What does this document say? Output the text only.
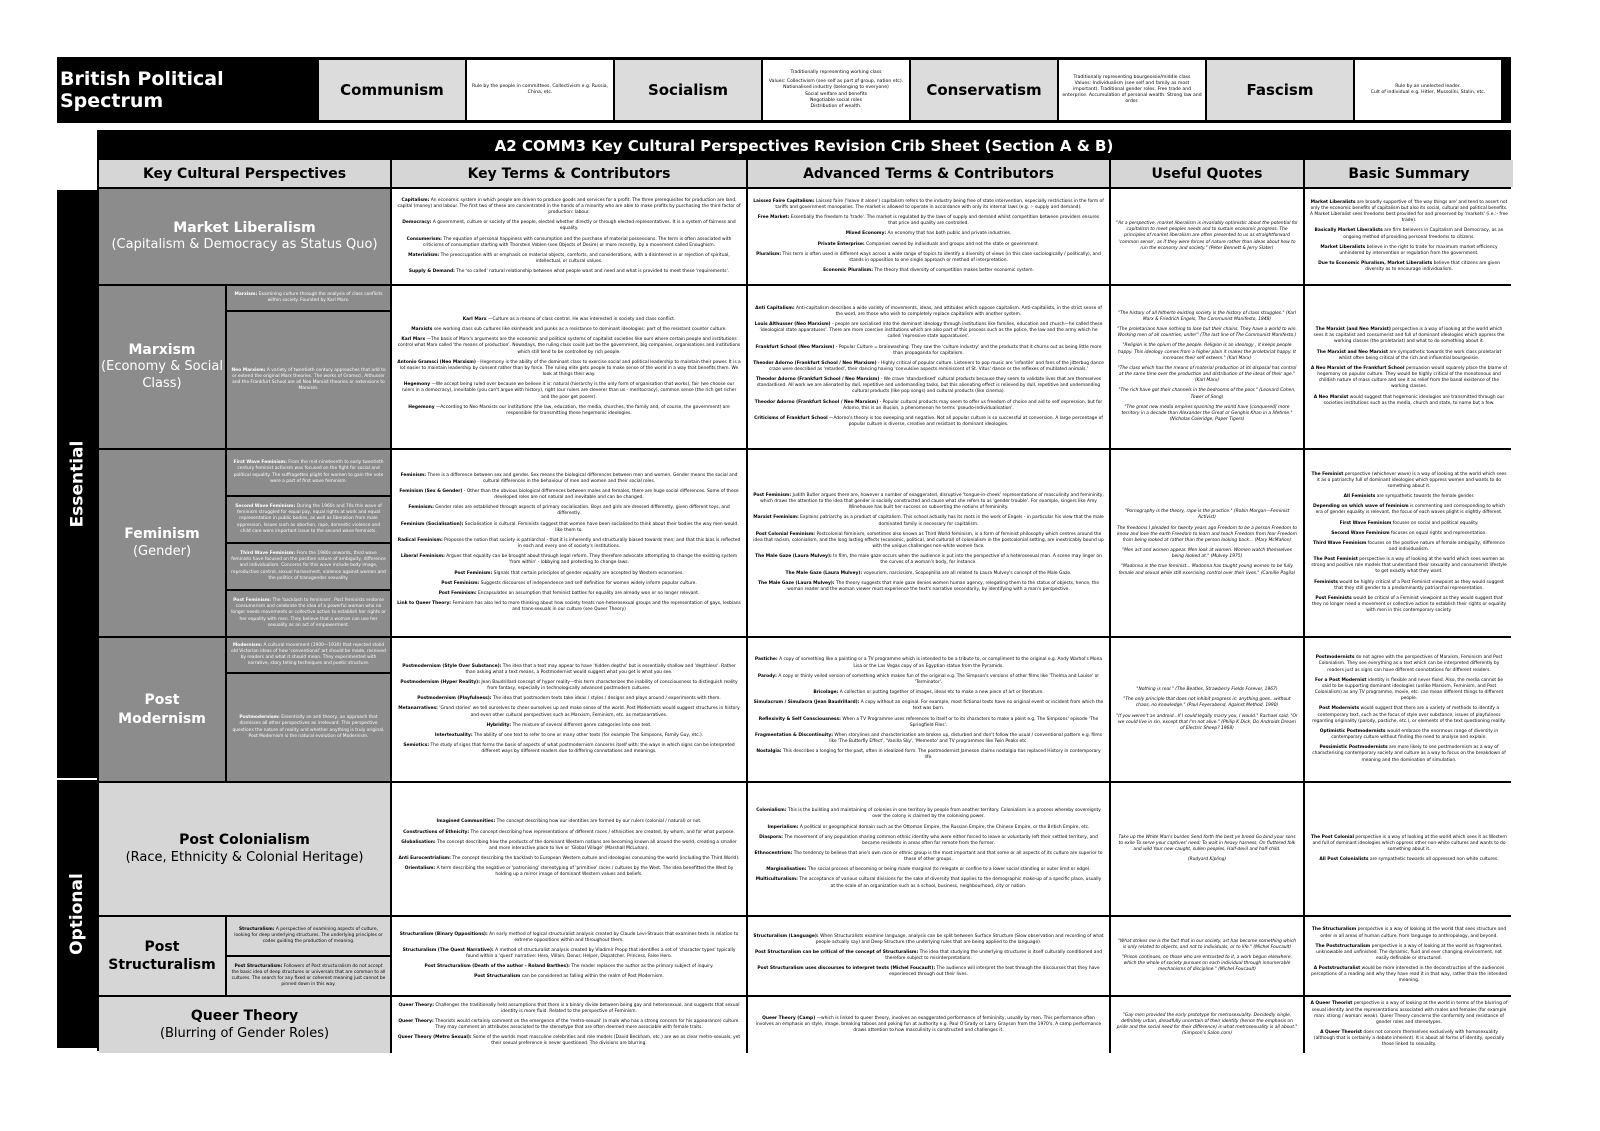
British Political Spectrum	Communism	Rule by the people in committees. Collectivism e.g. Russia, China, etc.	Socialism
Traditionally representing working class
Values: Collectivism (see self as part of group, nation etc).
Nationalised industry (belonging to everyone)
Social welfare and benefits
Negotiable social roles
Distribution of wealth.
Conservatism
Traditionally representing bourgeoisie/middle class
Values: Individualism (see self and family as most important). Traditional gender roles. Free trade and enterprise. Accumulation of personal wealth. Strong law and order.
Fascism	Rule by an unelected leader.
Cult of individual e.g. Hitler, Mussolini, Stalin, etc.
Essential
Optional
A2 COMM3 Key Cultural Perspectives Revision Crib Sheet (Section A & B)
Key Cultural Perspectives	Key Terms & Contributors	Advanced Terms & Contributors	Useful Quotes	Basic Summary
Market Liberalism
(Capitalism & Democracy as Status Quo)
Capitalism: An economic system in which people are driven to produce goods and services for a profit. The three prerequisites for production are land, capital (money) and labour. The first two of these are concentrated in the hands of a minority who are able to make profits by purchasing the third factor of production: labour.
Democracy: A government, culture or society of the people, elected whether directly or through elected representatives. It is a system of fairness and equality.
Consumerism: The equation of personal happiness with consumption and the purchase of material possessions. The term is often associated with criticisms of consumption starting with Thorstein Veblen (see Objects of Desire) or more recently, by a movement called Enoughism.
Materialism: The preoccupation with or emphasis on material objects, comforts, and considerations, with a disinterest in or rejection of spiritual, intellectual, or cultural values.
Supply & Demand: The 'so called' natural relationship between what people want and need and what is provided to meet these 'requirements'.
Laissez Faire Capitalism: Laissez faire ('leave it alone') capitalism refers to the industry being free of state intervention, especially restrictions in the form of tariffs and government monopolies. The market is allowed to operate in accordance with only its internal laws (e.g. :- supply and demand).
Free Market: Essentially the freedom to 'trade'. The market is regulated by the laws of supply and demand whilst competition between providers ensures that price and quality are controlled.
Mixed Economy: An economy that has both public and private industries.
Private Enterprise: Companies owned by individuals and groups and not the state or government.
Pluralism: This term is often used in different ways across a wide range of topics to identify a diversity of views (in this case sociologically / politically), and stands in opposition to one single approach or method of interpretation.
Economic Pluralism: The theory that diversity of competition makes better economic system.
"As a perspective, market liberalism is invariably optimistic about the potential for capitalism to meet peoples needs and to sustain economic progress. The principles of market liberalism are often presented to us as straightforward 'common sense', as if they were forces of nature rather than ideas about how to run the economy and society." (Peter Bennett & Jerry Slater)
Market Liberalists are broadly supportive of 'the way things are' and tend to assert not only the economic benefits of capitalism but also its social, cultural and political benefits. A Market Liberalist sees freedoms best provided for and preserved by 'markets' (i.e.:- free trade).
Basically Market Liberalists are firm believers in Capitalism and Democracy, as an ongoing method of providing personal freedoms to citizens.
Market Liberalists believe in the right to trade for maximum market efficiency unhindered by intervention or regulation from the government.
Due to Economic Pluralism, Market Liberalists believe that citizens are given diversity as to encourage individualism.
Marxism
(Economy & Social Class)
Marxism: Examining culture through the analysis of class conflicts within society. Founded by Karl Marx.
Neo Marxism: A variety of twentieth century approaches that add to or extend the original Marx theories. The works of Gramsci, Althusser and the Frankfurt School are all Neo Marxist theories or extensions to Marxism.
Karl Marx —Culture as a means of class control. He was interested in society and class conflict.
Marxists see working class sub cultures like skinheads and punks as a resistance to dominant ideologies: part of the resistant counter culture.
Karl Marx —The basis of Marx's arguments are the economic and political systems of capitalist societies like ours where certain people and institutions control what Marx called 'the means of production'. Nowadays, the ruling class could just be the government, big companies, organisations and institutions which still tend to be controlled by rich people.
Antonio Gramsci (Neo Marxism) - Hegemony is the ability of the dominant class to exercise social and political leadership to maintain their power. It is a lot easier to maintain leadership by consent rather than by force. The ruling elite gets people to make sense of the world in a way that benefits them. We look at things their way.
Hegemony —We accept being ruled over because we believe it is: natural (hierarchy is the only form of organisation that works), fair (we choose our rulers in a democracy), inevitable (you can't argue with history), right (our rulers are cleverer than us - meritocracy), common sense (the rich get richer and the poor get poorer).
Hegemony —According to Neo Marxists our institutions (the law, education, the media, churches, the family and, of course, the government) are responsible for transmitting these hegemonic ideologies.
Anti Capitalism: Anti-capitalism describes a wide variety of movements, ideas, and attitudes which oppose capitalism. Anti-capitalists, in the strict sense of the word, are those who wish to completely replace capitalism with another system.
Louis Althusser (Neo Marxism) - people are socialised into the dominant ideology through institutions like families, education and church—he called these 'ideological state apparatuses'. There are more coercive institutions which are also part of this process such as the police, the law and the army which he called 'repressive state apparatuses'.
Frankfurt School (Neo Marxism) - Popular Culture = brainwashing. They saw the 'culture industry' and the products that it churns out as being little more than propaganda for capitalism.
Theodor Adorno (Frankfurt School / Neo Marxism) - Highly critical of popular culture. Listeners to pop music are 'infantile' and fans of the jitterbug dance craze were described as 'retarded', their dancing having 'convulsive aspects reminiscent of St. Vitus' dance or the reflexes of mutilated animals.'
Theodor Adorno (Frankfurt School / Neo Marxism) - We crave 'standardised' cultural products because they seem to validate lives that are themselves standardised. All work we are alienated by dull, repetitive and undemanding tasks, but this alienating effect is relieved by dull, repetitive and undemanding cultural products (like pop songs) and cultural products (like cinema).
Theodor Adorno (Frankfurt School / Neo Marxism) - Popular cultural products may seem to offer us freedom of choice and aid to self expression, but for Adorno, this is an illusion, a phenomenon he terms 'pseudo-individualisation'.
Criticisms of Frankfurt School —Adorno's theory is too sweeping and negative. Not all popular culture is so successful at conversion. A large percentage of popular culture is diverse, creative and resistant to dominant ideologies.
"The history of all hitherto existing society is the history of class struggles." (Karl Marx & Friedrich Engels, The Communist Manifesto, 1848)
"The proletarians have nothing to lose but their chains. They have a world to win. Working men of all countries, unite!" (The last line of The Communist Manifesto.)
"Religion is the opium of the people. Religion is an ideology , it keeps people happy. This ideology comes from a higher plain it makes the proletariat happy. It increases their self esteem." (Karl Marx)
"The class which has the means of material production at its disposal has control at the same time over the production and distribution of the ideas of their age." (Karl Marx)
"The rich have got their channels in the bedrooms of the poor." (Leonard Cohen, Tower of Song)
"The great new media empires spanning the world have [conquered] more territory in a decade than Alexander the Great or Genghis Khan in a lifetime." (Nicholas Coleridge, Paper Tigers)
The Marxist (and Neo Marxist) perspective is a way of looking at the world which sees it as capitalist and consumerist and full of dominant ideologies which oppress the working classes (the proletariat) and what to do something about it.
The Marxist and Neo Marxist are sympathetic towards the work class proletariat whilst often being critical of the rich and influential bourgeoisie.
A Neo Marxist of the Frankfurt School persuasion would squarely place the blame of hegemony on popular culture. They would be highly critical of the monotonous and childish nature of mass culture and see it as relief from the banal existence of the working classes.
A Neo Marxist would suggest that hegemonic ideologies are transmitted through our societies institutions such as the media, church and state, to name but a few.
Feminism
(Gender)
First Wave Feminism: From the mid-nineteenth to early twentieth century feminist activism was focused on the fight for social and political equality. The suffragettes plight for women to gain the vote were a part of first wave feminism.
Second Wave Feminism: During the 1960s and 70s this wave of feminism struggled for equal pay, equal rights at work and equal representation in public bodies, as well as liberation from male oppression. Issues such as abortion, rape, domestic violence and child care were important issue to the second wave feminists.
Third Wave Feminism: From the 1980s onwards, third wave feminists have focused on the positive nature of ambiguity, difference and individualism. Concerns for this wave include body image, reproductive control, sexual harassment, violence against women and the politics of transgender sexuality.
Post Feminism: The 'backlash to feminism'. Post feminists endorse consumerism and celebrate the idea of a powerful woman who no longer needs movements or collective action to establish her rights or her equality with men. They believe that a woman can use her sexuality as an act of empowerment.
Feminism: There is a difference between sex and gender. Sex means the biological differences between men and women. Gender means the social and cultural differences in the behaviour of men and women and their social roles.
Feminism (Sex & Gender) - Other than the obvious biological differences between males and females, there are huge social differences. Some of these developed roles are not natural and inevitable and can be changed.
Feminism: Gender roles are established through aspects of primary socialisation. Boys and girls are dressed differently, given different toys, and differently.
Feminism (Socialisation): Socialisation is cultural. Feminists suggest that women have been socialised to think about their bodies the way men would like them to.
Radical Feminism: Proposes the notion that society is patriarchal - that it is inherently and structurally biased towards men; and that this bias is reflected in each and every one of society's institutions.
Liberal Feminism: Argues that equality can be brought about through legal reform. They therefore advocate attempting to change the existing system 'from within' - lobbying and protesting to change laws.
Post Feminism: Signals that certain principles of gender equality are accepted by Western economies.
Post Feminism: Suggests discourses of independence and self definition for women widely inform popular culture.
Post Feminism: Encapsulates an assumption that feminist battles for equality are already won or no longer relevant.
Link to Queer Theory: Feminism has also led to more thinking about how society treats non-heterosexual groups and the representation of gays, lesbians and trans-sexuals in our culture (see Queer Theory)
Post Feminism: Judith Butler argues there are, however a number of exaggerated, disruptive 'tongue-in-cheek' representations of masculinity and femininity, which draws the attention to the idea that gender is socially constructed and cause what she refers to as 'gender trouble'. For example, singers like Amy Winehouse has built her success on subverting the notions of femininity.
Marxist Feminism: Explains patriarchy as a product of capitalism. This school actually has its roots in the work of Engels - in particular his view that the male dominated family is necessary for capitalism.
Post Colonial Feminism: Postcolonial feminism, sometimes also known as Third World feminism, is a form of feminist philosophy which centres around the idea that racism, colonialism, and the long lasting effects (economic, political, and cultural) of colonialism in the postcolonial setting, are inextricably bound up with the unique challenges non-white women face.
The Male Gaze (Laura Mulvey): In film, the male gaze occurs when the audience is put into the perspective of a heterosexual man. A scene may linger on the curves of a woman's body, for instance.
The Male Gaze (Laura Mulvey): voyeurism, narcissism, Scopophilia are all related to Laura Mulvey's concept of the Male Gaze.
The Male Gaze (Laura Mulvey): The theory suggests that male gaze denies women human agency, relegating them to the status of objects, hence, the woman reader and the woman viewer must experience the text's narrative secondarily, by identifying with a man's perspective.
"Pornography is the theory, rape is the practice." (Robin Morgan—Feminist Activist)
The freedoms I pleaded for twenty years ago Freedom to be a person Freedom to know and love the earth Freedom to learn and teach Freedom from fear Freedom from being looked at rather than the person looking back... (Mary McMahon)
"Men act and women appear. Men look at women. Women watch themselves being looked at." (Mulvey 1975)
"Madonna is the true feminist... Madonna has taught young women to be fully female and sexual while still exercising control over their lives." (Camille Paglia)
The Feminist perspective (whichever wave) is a way of looking at the world which sees it as a patriarchy full of dominant ideologies which oppress women and wants to do something about it.
All Feminists are sympathetic towards the female gender.
Depending on which wave of feminism is commenting and corresponding to which era of gender equality is relevant, the focus of each waves plight is slightly different.
First Wave Feminism focuses on social and political equality.
Second Wave Feminism focuses on equal rights and representation.
Third Wave Feminism focuses on the positive nature of female ambiguity, difference and individualism.
The Post Feminist perspective is a way of looking at the world which sees women as strong and positive role models that understand their sexuality and consumerist lifestyle to get exactly what they want.
Feminists would be highly critical of a Post Feminist viewpoint as they would suggest that they still gender to a predominantly patriarchal representation.
Post Feminists would be critical of a Feminist viewpoint as they would suggest that they no longer need a movement or collective action to establish their rights or equality with men in this contemporary society.
Post
Modernism
Modernism: A cultural movement (1900—1930) that rejected stolid old Victorian ideas of how 'conventional' art should be made, received by readers and what it should mean. They experimented with narrative, story telling techniques and poetic structure.
Postmodernism: Essentially an anti theory, an approach that dismisses all other perspectives as irrelevant. This perspective questions the nature of reality and whether anything is truly original. Post Modernism is the natural evolution of Modernism.
Postmodernism (Style Over Substance): The idea that a text may appear to have 'hidden depths' but is essentially shallow and 'depthless'. Rather than asking what a text means, a Postmodernist would suggest what you get is what you see.
Postmodernism (Hyper Reality): Jean Baudrillard concept of hyper reality—this term characterizes the inability of consciousness to distinguish reality from fantasy, especially in technologically advanced postmodern cultures.
Postmodernism (Playfulness): The idea that postmodern texts take ideas / styles / designs and plays around / experiments with them.
Metanarratives: 'Grand stories' we tell ourselves to cheer ourselves up and make sense of the world. Post Modernists would suggest structures in history and even other cultural perspectives such as Marxism, Feminism, etc. as metanarratives.
Hybridity: The mixture of several different genre categories into one text.
Intertextuality: The ability of one text to refer to one or many other texts (for example The Simpsons, Family Guy, etc.).
Semiotics: The study of signs that forms the basis of aspects of what postmodernism concerns itself with: the ways in which signs can be interpreted different ways by different readers due to differing connotations and meanings.
Pastiche: A copy of something like a painting or a TV programme which is intended to be a tribute to, or compliment to the original e.g. Andy Warhol's Mona Lisa or the Las Vegas copy of an Egyptian statue from the Pyramids.
Parody: A copy or thinly veiled version of something which makes fun of the original e.g. The Simpson's versions of other films like 'Thelma and Louise' or 'Terminator'.
Bricolage: A collection or putting together of images, ideas etc to make a new piece of art or literature.
Simulacrum / Simulacra (Jean Baudrillard): A copy without an original. For example, most fictional texts have no original event or incident from which the text was born.
Reflexivity & Self Consciousness: When a TV Programme uses references to itself or to its characters to make a point e.g. The Simpsons' episode 'The Springfield Files'.
Fragmentation & Discontinuity: When storylines and characterisation are broken up, disturbed and don't follow the usual / conventional pattern e.g. films like 'The Butterfly Effect', 'Vanilla Sky', 'Memento' and TV programmes like Twin Peaks etc.
Nostalgia: This describes a longing for the past, often in idealized form. The postmodernist Jameson claims nostalgia has replaced History in contemporary life.
"Nothing is real." (The Beatles, Strawberry Fields Forever, 1967)
"The only principle that does not inhibit progress is: anything goes...without chaos, no knowledge." (Paul Feyerabend, Against Method, 1990)
"If you weren't an android...If I could legally marry you, I would." Rachael said, "Or we could live in sin, except that I'm not alive." (Philip K Dick, Do Androids Dream of Electric Sheep? 1968)
Postmodernists do not agree with the perspectives of Marxism, Feminism and Post Colonialism. They see everything as a text which can be interpreted differently by readers just as signs can have different connotations for different readers.
For a Post Modernist identity is flexible and never fixed. Also, the media cannot be said to be supporting dominant ideologies (unlike Marxism, Feminism, and Post Colonialism) as any TV programme, movie, etc. can mean different things to different people.
Post Modernists would suggest that there are a variety of methods to identify a contemporary text, such as the focus of style over substance, issues of playfulness regarding originality (parody, pastiche, etc.), or elements of the text questioning reality.
Optimistic Postmodernists would embrace the enormous range of diversity in contemporary culture without finding the need to analyse and explain.
Pessimistic Postmodernists are more likely to see postmodernism as a way of characterising contemporary society and culture as a way to focus on the breakdown of meaning and the domination of simulation.
Post Colonialism
(Race, Ethnicity & Colonial Heritage)
Imagined Communities: The concept describing how our identities are formed by our rulers (colonial / natural) or not.
Constructions of Ethnicity: The concept describing how representations of different races / ethnicities are created, by whom, and for what purpose.
Globalisation: The concept describing how the products of the dominant Western nations are becoming known all around the world, creating a smaller and more interactive place to live or 'Global Village' (Marshall McLuhan).
Anti Eurocentrialism: The concept describing the backlash to European Western culture and ideologies consuming the world (including the Third World).
Orientalism: A term describing the negative or 'patronising' stereotyping of 'primitive' races / cultures by the West. The idea benefitted the West by holding up a mirror image of dominant Western values and beliefs.
Colonialism: This is the building and maintaining of colonies in one territory by people from another territory. Colonialism is a process whereby sovereignty over the colony is claimed by the colonising power.
Imperialism: A political or geographical domain such as the Ottoman Empire, the Russian Empire, the Chinese Empire, or the British Empire, etc.
Diaspora: The movement of any population sharing common ethnic identity who were either forced to leave or voluntarily left their settled territory, and became residents in areas often far remote from the former.
Ethnocentrism: The tendency to believe that one's own race or ethnic group is the most important and that some or all aspects of its culture are superior to those of other groups.
Marginalisation: The social process of becoming or being made marginal (to relegate or confine to a lower social standing or outer limit or edge).
Multiculturalism: The acceptance of various cultural divisions for the sake of diversity that applies to the demographic make-up of a specific place, usually at the scale of an organization such as a school, business, neighbourhood, city or nation.
Take up the White Man's burden Send forth the best ye breed Go bind your sons to exile To serve your captives' need; To wait in heavy harness, On fluttered folk and wild Your new-caught, sullen peoples, Half-devil and half-child.
(Rudyard Kipling)
The Post Colonial perspective is a way of looking at the world which sees it as Western and full of dominant ideologies which oppress other non-white cultures and wants to do something about it.
All Post Colonialists are sympathetic towards all oppressed non white cultures.
Post
Structuralism
Structuralism: A perspective of examining aspects of culture, looking for deep underlying structures. The underlying principles or codes guiding the production of meaning.
Post Structuralism: Followers of Post structuralism do not accept the basic idea of deep structures or universals that are common to all cultures. The search for any fixed or coherent meaning just cannot be pinned down in this way.
Structuralism (Binary Oppositions): An early method of logical structuralist analysis created by Claude Levi-Strauss that examines texts in relation to extreme oppositions within and throughout them.
Structuralism (The Quest Narrative): A method of structuralist analysis created by Vladimir Propp that identifies a set of 'character types' typically found within a 'quest' narrative: Hero, Villain, Donor, Helper, Dispatcher, Princess, False Hero.
Post Structuralism (Death of the author - Roland Barthes): The reader replaces the author as the primary subject of inquiry.
Post Structuralism can be considered as falling within the realm of Post Modernism.
Structuralism (Language): When Structuralists examine language, analysis can be split between Surface Structure (Slow observation and recording of what people actually say) and Deep Structure (the underlying rules that are being applied to the language).
Post Structuralism can be critical of the concept of Structuralism: The idea that studying the underlying structures is itself culturally conditioned and therefore subject to misinterpretations.
Post Structuralism uses discourses to interpret texts (Michel Foucault): The audience will interpret the text through the discourses that they have experienced through out their lives.
"What strikes me is the fact that in our society, art has become something which is only related to objects, and not to individuals, or to life." (Michel Foucault)
"Prison continues, on those who are entrusted to it, a work begun elsewhere, which the whole of society pursues on each individual through innumerable mechanisms of discipline." (Michel Foucault)
The Structuralism perspective is a way of looking at the world that sees structure and order in all areas of human culture, from language to anthropology, and beyond.
The Poststructuralism perspective is a way of looking at the world as fragmented, unknowable and unfinished. The dynamic, fluid and ever changing environment, not easily definable or structured.
A Poststructuralist would be more interested in the deconstruction of the audiences perceptions of a reading and why they have read it in that way, rather than the intended meaning.
Queer Theory
(Blurring of Gender Roles)
Queer Theory: Challenges the traditionally held assumptions that there is a binary divide between being gay and heterosexual, and suggests that sexual identity is more fluid. Related to the perspective of Feminism.
Queer Theory: Theorists would certainly comment on the emergence of the 'metro-sexual' (a male who has a strong concern for his appearance) culture. They may comment on attributes associated to the stereotype that are often deemed more associable with female traits.
Queer Theory (Metro Sexual): Some of the worlds most masculine celebrities and role models (David Beckham, etc.) are we as clear metro-sexuals, yet their sexual preference is never questioned. The divisions are blurring.
Queer Theory (Camp) —which is linked to queer theory, involves an exaggerated performance of femininity, usually by men. This performance often involves an emphasis on style, image, breaking taboos and poking fun at authority e.g. Paul O'Grady or Larry Grayson from the 1970's. A camp performance draws attention to how masculinity is constructed and challenges it.
"Gay men provided the early prototype for metrosexuality. Decidedly single, definitely urban, dreadfully uncertain of their identity (hence the emphasis on pride and the social need for their difference) is what metrosexuality is all about." (Simpson's Salon.com)
A Queer Theorist perspective is a way of looking at the world in terms of the blurring of sexual identity and the representations associated with males and females (for example man: strong / woman: weak). Queer Theory concerns the conformity and resistance of gender roles and stereotypes.
A Queer Theorist does not concern themselves exclusively with homosexuality (although that is certainly a debate inherent). It is about all forms of identity, specially those linked to sexuality.
